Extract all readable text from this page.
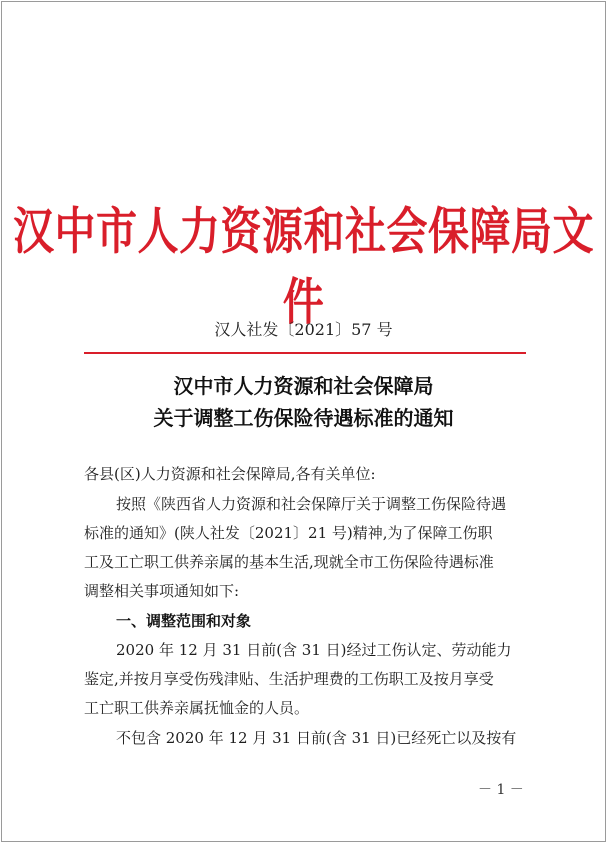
汉中市人力资源和社会保障局文件
汉人社发〔2021〕57 号
汉中市人力资源和社会保障局
关于调整工伤保险待遇标准的通知
各县(区)人力资源和社会保障局,各有关单位:
按照《陕西省人力资源和社会保障厅关于调整工伤保险待遇
标准的通知》(陕人社发〔2021〕21 号)精神,为了保障工伤职
工及工亡职工供养亲属的基本生活,现就全市工伤保险待遇标准
调整相关事项通知如下:
一、调整范围和对象
2020 年 12 月 31 日前(含 31 日)经过工伤认定、劳动能力
鉴定,并按月享受伤残津贴、生活护理费的工伤职工及按月享受
工亡职工供养亲属抚恤金的人员。
不包含 2020 年 12 月 31 日前(含 31 日)已经死亡以及按有
－ 1 －
